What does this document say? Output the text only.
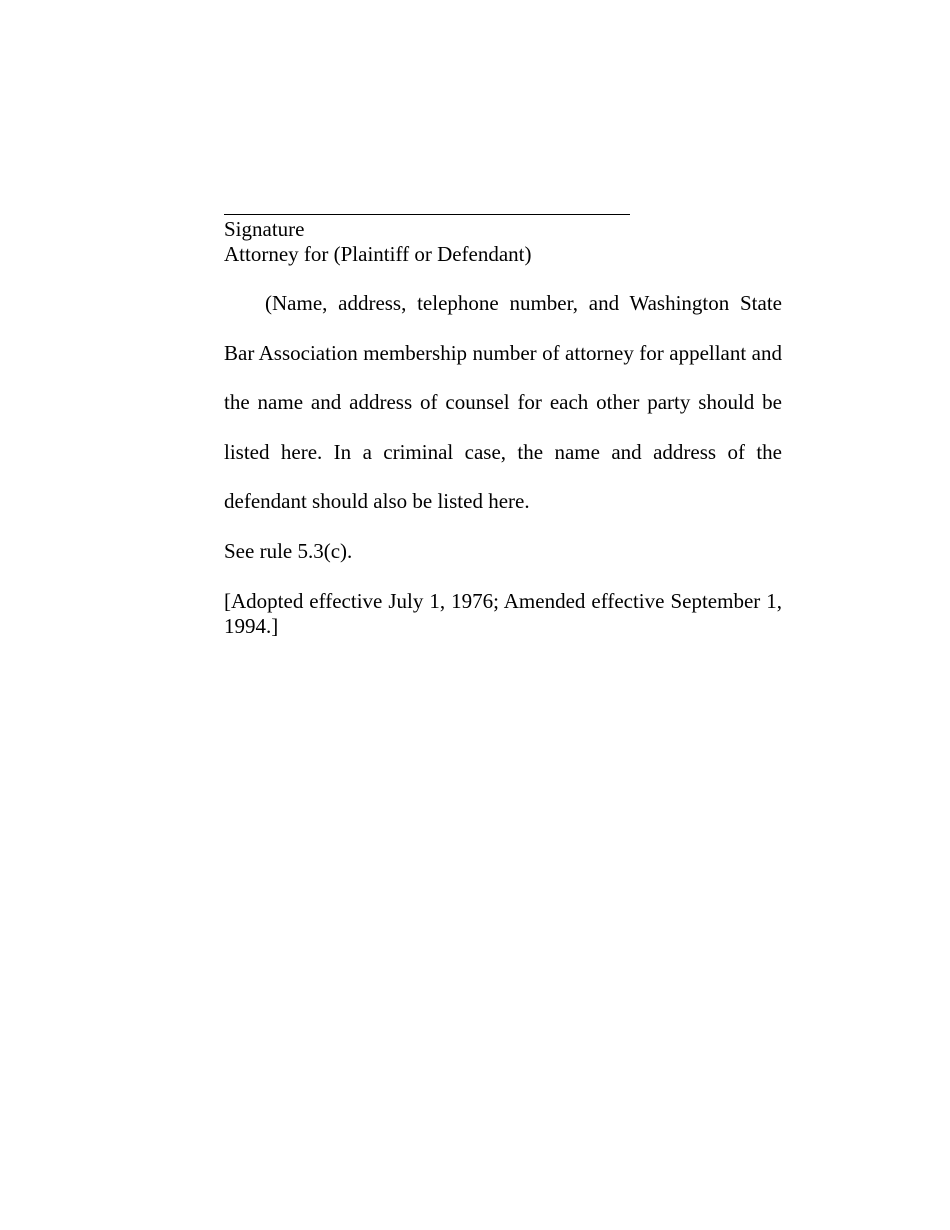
Signature

Attorney for (Plaintiff or Defendant)

(Name, address, telephone number, and Washington State Bar Association membership number of attorney for appellant and the name and address of counsel for each other party should be listed here. In a criminal case, the name and address of the defendant should also be listed here.

See rule 5.3(c).

[Adopted effective July 1, 1976; Amended effective September 1, 1994.]
